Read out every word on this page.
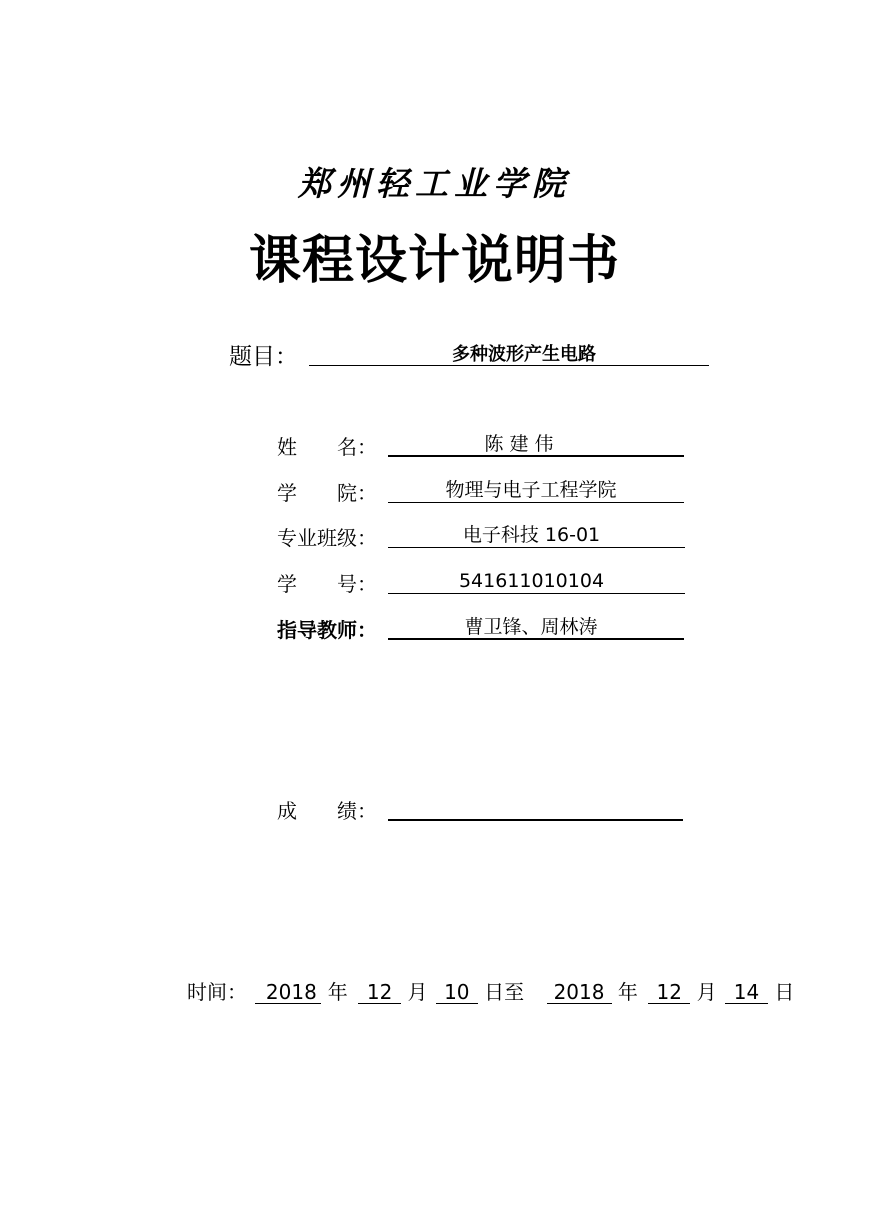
郑州轻工业学院
课程设计说明书
题目：	多种波形产生电路
姓　　名：	陈 建 伟
学　　院：	物理与电子工程学院
专业班级：	电子科技 16-01
学　　号：	541611010104
指导教师：	曹卫锋、周林涛
成　　绩：
时间： 2018 年 12 月 10 日至 2018 年 12 月 14 日
